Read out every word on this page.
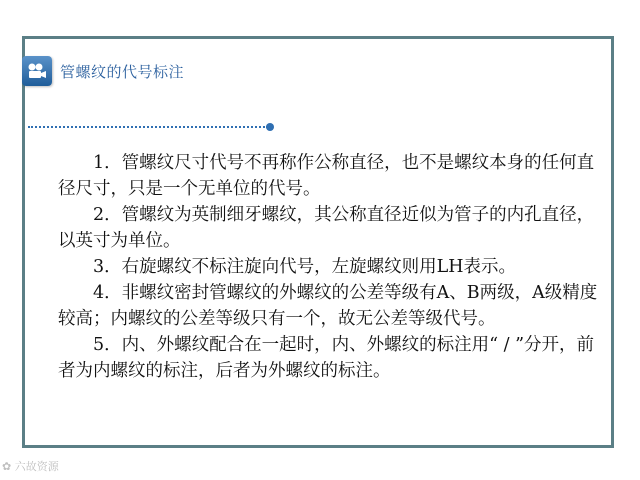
管螺纹的代号标注

1．管螺纹尺寸代号不再称作公称直径，也不是螺纹本身的任何直径尺寸，只是一个无单位的代号。

2．管螺纹为英制细牙螺纹，其公称直径近似为管子的内孔直径，以英寸为单位。

3．右旋螺纹不标注旋向代号，左旋螺纹则用LH表示。

4．非螺纹密封管螺纹的外螺纹的公差等级有A、B两级，A级精度较高；内螺纹的公差等级只有一个，故无公差等级代号。

5．内、外螺纹配合在一起时，内、外螺纹的标注用“ / ”分开，前者为内螺纹的标注，后者为外螺纹的标注。

✿ 六故资源
